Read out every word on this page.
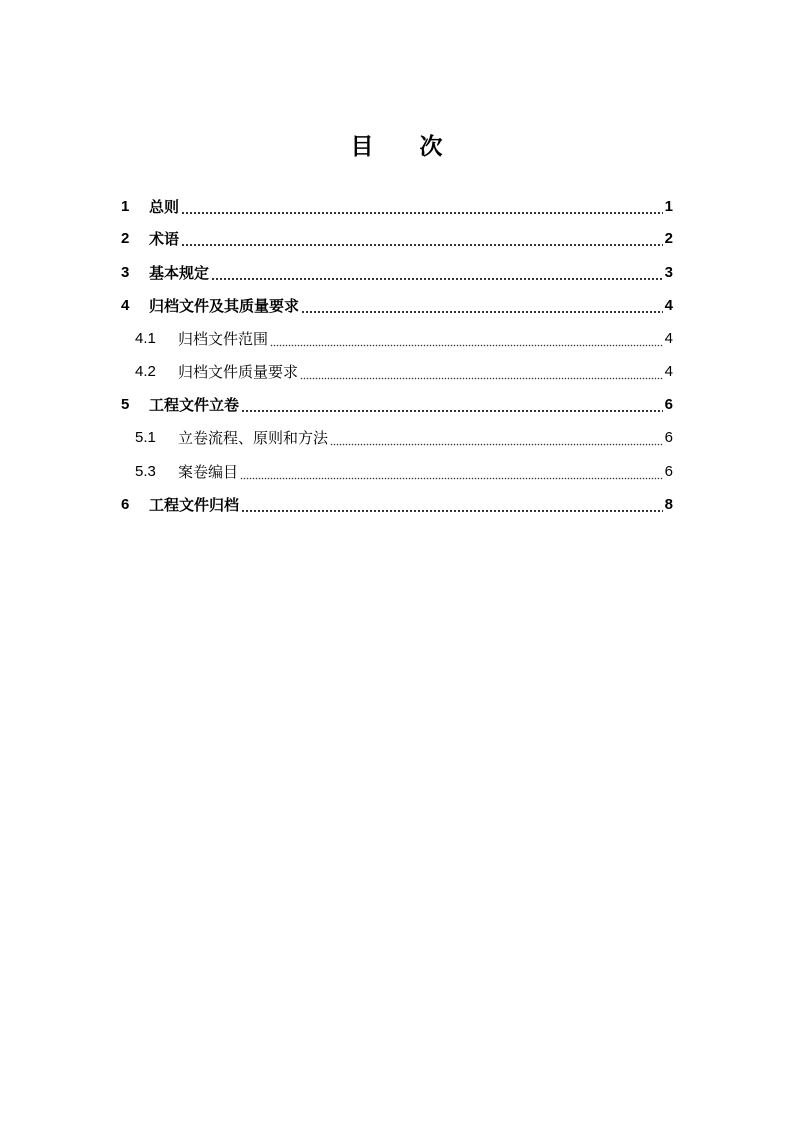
目 次
1	总则	1
2	术语	2
3	基本规定	3
4	归档文件及其质量要求	4
4.1	归档文件范围	4
4.2	归档文件质量要求	4
5	工程文件立卷	6
5.1	立卷流程、原则和方法	6
5.3	案卷编目	6
6	工程文件归档	8
